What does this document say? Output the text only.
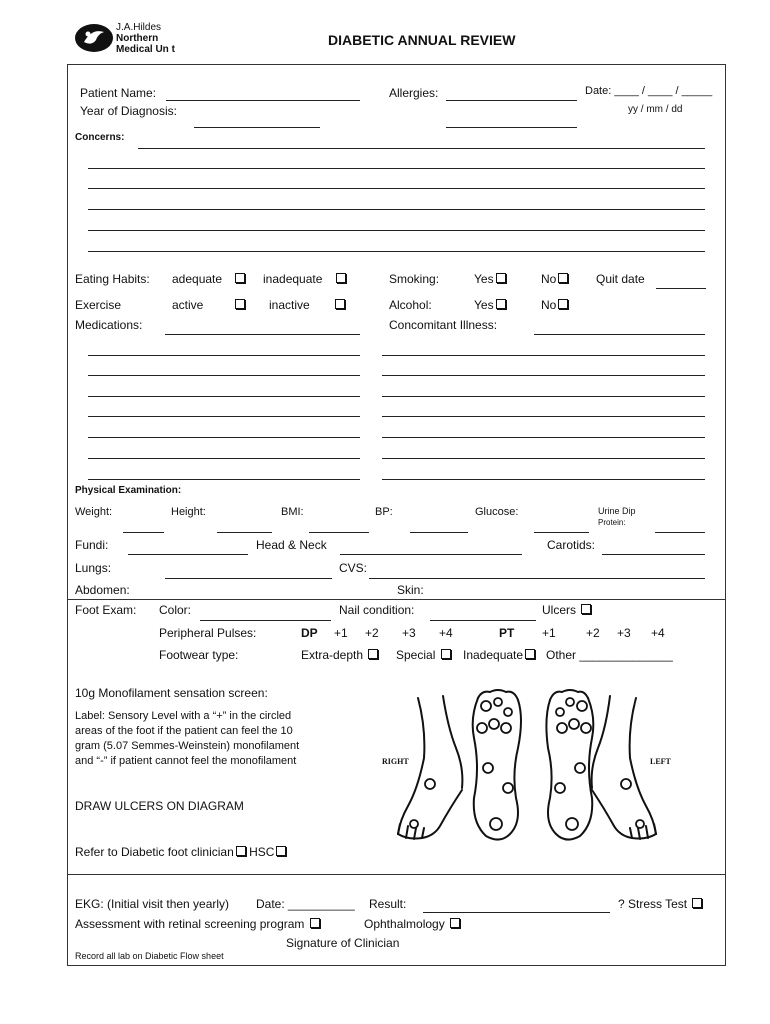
J.A.Hildes
Northern
Medical Un t
DIABETIC ANNUAL REVIEW
Patient Name:
Year of Diagnosis:
Allergies:	Date: ____ / ____ / _____
yy / mm / dd
Concerns:
Eating Habits: adequate	inadequate	Smoking:	Yes	No	Quit date
Exercise	active	inactive	Alcohol:	Yes	No
Medications:	Concomitant Illness:
Physical Examination:
Weight:	Height:	BMI:	BP:	Glucose:	Urine Dip
Protein:
Fundi:	Head & Neck	Carotids:
Lungs:	CVS:
Abdomen:	Skin:
Foot Exam: Color:	Nail condition:	Ulcers
Peripheral Pulses:	DP +1 +2 +3 +4	PT +1	+2 +3 +4
Footwear type:	Extra-depth	Special	Inadequate	Other ______________
10g Monofilament sensation screen:
Label: Sensory Level with a “+” in the circled
areas of the foot if the patient can feel the 10
gram (5.07 Semmes-Weinstein) monofilament
and “-” if patient cannot feel the monofilament
DRAW ULCERS ON DIAGRAM
Refer to Diabetic foot clinician HSC
RIGHT	LEFT
EKG: (Initial visit then yearly) Date: __________ Result:	? Stress Test
Assessment with retinal screening program	Ophthalmology
Signature of Clinician
Record all lab on Diabetic Flow sheet
